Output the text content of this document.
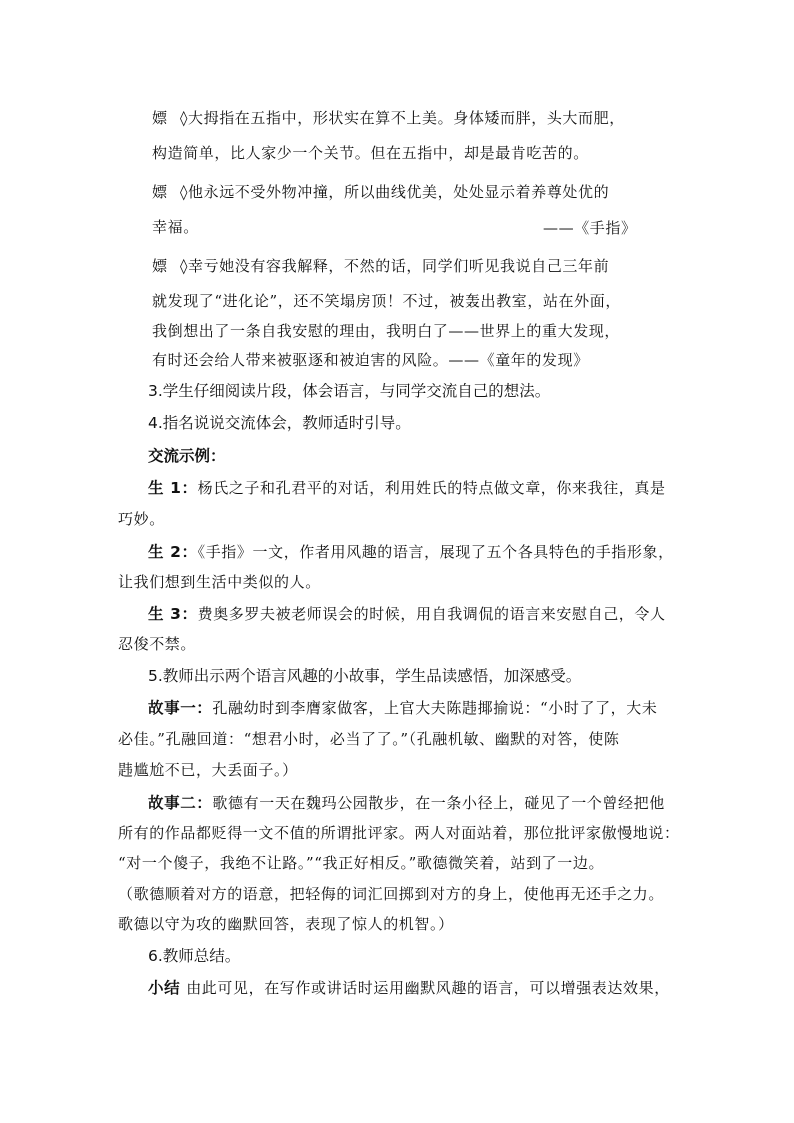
嫖 ◊大拇指在五指中，形状实在算不上美。身体矮而胖，头大而肥，
构造简单，比人家少一个关节。但在五指中，却是最肯吃苦的。
嫖 ◊他永远不受外物冲撞，所以曲线优美，处处显示着养尊处优的
幸福。	——《手指》
嫖 ◊幸亏她没有容我解释，不然的话，同学们听见我说自己三年前
就发现了“进化论”，还不笑塌房顶！不过，被轰出教室，站在外面，
我倒想出了一条自我安慰的理由，我明白了——世界上的重大发现，
有时还会给人带来被驱逐和被迫害的风险。——《童年的发现》
3.学生仔细阅读片段，体会语言，与同学交流自己的想法。
4.指名说说交流体会，教师适时引导。
交流示例：
生 1：杨氏之子和孔君平的对话，利用姓氏的特点做文章，你来我往，真是
巧妙。
生 2：《手指》一文，作者用风趣的语言，展现了五个各具特色的手指形象，
让我们想到生活中类似的人。
生 3：费奥多罗夫被老师误会的时候，用自我调侃的语言来安慰自己，令人
忍俊不禁。
5.教师出示两个语言风趣的小故事，学生品读感悟，加深感受。
故事一：孔融幼时到李膺家做客，上官大夫陈韪揶揄说：“小时了了，大未
必佳。”孔融回道：“想君小时，必当了了。”（孔融机敏、幽默的对答，使陈
韪尴尬不已，大丢面子。）
故事二：歌德有一天在魏玛公园散步，在一条小径上，碰见了一个曾经把他
所有的作品都贬得一文不值的所谓批评家。两人对面站着，那位批评家傲慢地说：
“对一个傻子，我绝不让路。”“我正好相反。”歌德微笑着，站到了一边。
（歌德顺着对方的语意，把轻侮的词汇回掷到对方的身上，使他再无还手之力。
歌德以守为攻的幽默回答，表现了惊人的机智。）
6.教师总结。
小结 由此可见，在写作或讲话时运用幽默风趣的语言，可以增强表达效果，
